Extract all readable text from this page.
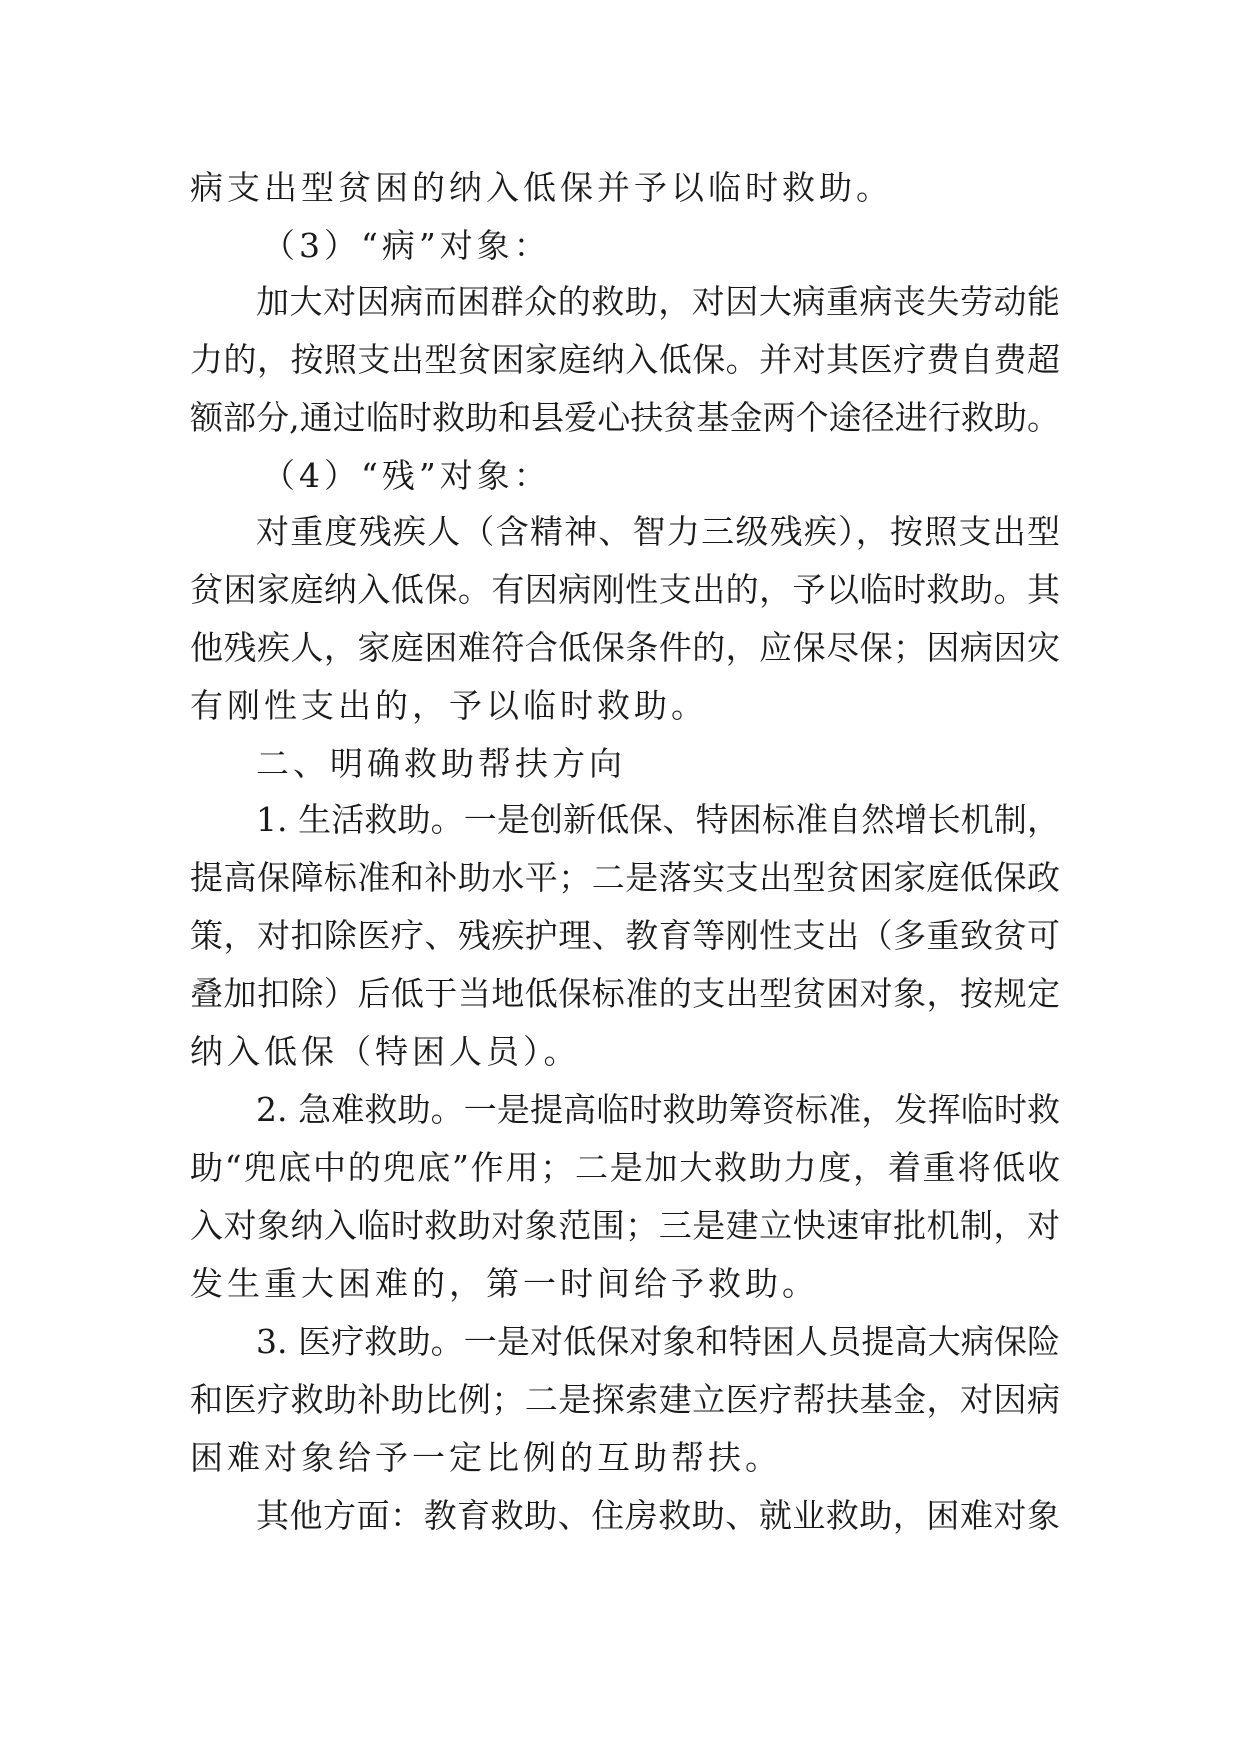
病支出型贫困的纳入低保并予以临时救助。

（3）“病”对象：

加大对因病而困群众的救助，对因大病重病丧失劳动能

力的，按照支出型贫困家庭纳入低保。并对其医疗费自费超

额部分,通过临时救助和县爱心扶贫基金两个途径进行救助。

（4）“残”对象：

对重度残疾人（含精神、智力三级残疾），按照支出型

贫困家庭纳入低保。有因病刚性支出的，予以临时救助。其

他残疾人，家庭困难符合低保条件的，应保尽保；因病因灾

有刚性支出的，予以临时救助。

二、明确救助帮扶方向

1. 生活救助。一是创新低保、特困标准自然增长机制，

提高保障标准和补助水平；二是落实支出型贫困家庭低保政

策，对扣除医疗、残疾护理、教育等刚性支出（多重致贫可

叠加扣除）后低于当地低保标准的支出型贫困对象，按规定

纳入低保（特困人员）。

2. 急难救助。一是提高临时救助筹资标准，发挥临时救

助“兜底中的兜底”作用；二是加大救助力度，着重将低收

入对象纳入临时救助对象范围；三是建立快速审批机制，对

发生重大困难的，第一时间给予救助。

3. 医疗救助。一是对低保对象和特困人员提高大病保险

和医疗救助补助比例；二是探索建立医疗帮扶基金，对因病

困难对象给予一定比例的互助帮扶。

其他方面：教育救助、住房救助、就业救助，困难对象
